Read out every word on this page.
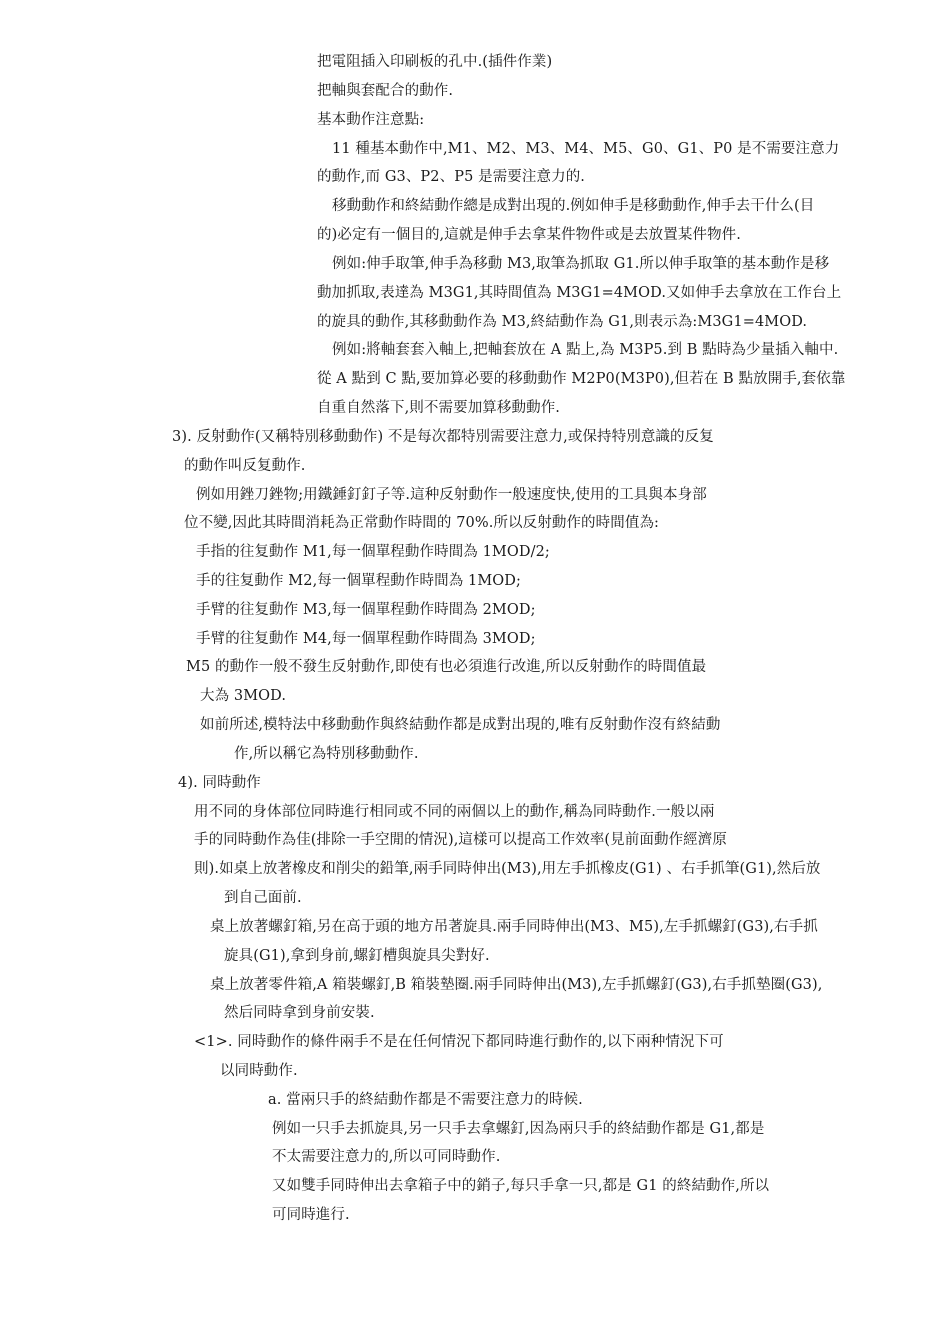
把電阻插入印刷板的孔中.(插件作業)
把軸與套配合的動作.
基本動作注意點:
11 種基本動作中,M1、M2、M3、M4、M5、G0、G1、P0 是不需要注意力
的動作,而 G3、P2、P5 是需要注意力的.
移動動作和終結動作總是成對出現的.例如伸手是移動動作,伸手去干什么(目
的)必定有一個目的,這就是伸手去拿某件物件或是去放置某件物件.
例如:伸手取筆,伸手為移動 M3,取筆為抓取 G1.所以伸手取筆的基本動作是移
動加抓取,表達為 M3G1,其時間值為 M3G1=4MOD.又如伸手去拿放在工作台上
的旋具的動作,其移動動作為 M3,終結動作為 G1,則表示為:M3G1=4MOD.
例如:將軸套套入軸上,把軸套放在 A 點上,為 M3P5.到 B 點時為少量插入軸中.
從 A 點到 C 點,要加算必要的移動動作 M2P0(M3P0),但若在 B 點放開手,套依靠
自重自然落下,則不需要加算移動動作.
3). 反射動作(又稱特別移動動作) 不是每次都特別需要注意力,或保持特別意識的反复
的動作叫反复動作.
例如用銼刀銼物;用鐵錘釘釘子等.這种反射動作一般速度快,使用的工具與本身部
位不變,因此其時間消耗為正常動作時間的 70%.所以反射動作的時間值為:
手指的往复動作 M1,每一個單程動作時間為 1MOD/2;
手的往复動作 M2,每一個單程動作時間為 1MOD;
手臂的往复動作 M3,每一個單程動作時間為 2MOD;
手臂的往复動作 M4,每一個單程動作時間為 3MOD;
M5 的動作一般不發生反射動作,即使有也必須進行改進,所以反射動作的時間值最
大為 3MOD.
如前所述,模特法中移動動作與終結動作都是成對出現的,唯有反射動作沒有終結動
作,所以稱它為特別移動動作.
4). 同時動作
用不同的身体部位同時進行相同或不同的兩個以上的動作,稱為同時動作.一般以兩
手的同時動作為佳(排除一手空閒的情況),這樣可以提高工作效率(見前面動作經濟原
則).如桌上放著橡皮和削尖的鉛筆,兩手同時伸出(M3),用左手抓橡皮(G1) 、右手抓筆(G1),然后放
到自己面前.
桌上放著螺釘箱,另在高于頭的地方吊著旋具.兩手同時伸出(M3、M5),左手抓螺釘(G3),右手抓
旋具(G1),拿到身前,螺釘槽與旋具尖對好.
桌上放著零件箱,A 箱裝螺釘,B 箱裝墊圈.兩手同時伸出(M3),左手抓螺釘(G3),右手抓墊圈(G3),
然后同時拿到身前安裝.
<1>. 同時動作的條件兩手不是在任何情況下都同時進行動作的,以下兩种情況下可
以同時動作.
a. 當兩只手的終結動作都是不需要注意力的時候.
例如一只手去抓旋具,另一只手去拿螺釘,因為兩只手的終結動作都是 G1,都是
不太需要注意力的,所以可同時動作.
又如雙手同時伸出去拿箱子中的銷子,每只手拿一只,都是 G1 的終結動作,所以
可同時進行.
